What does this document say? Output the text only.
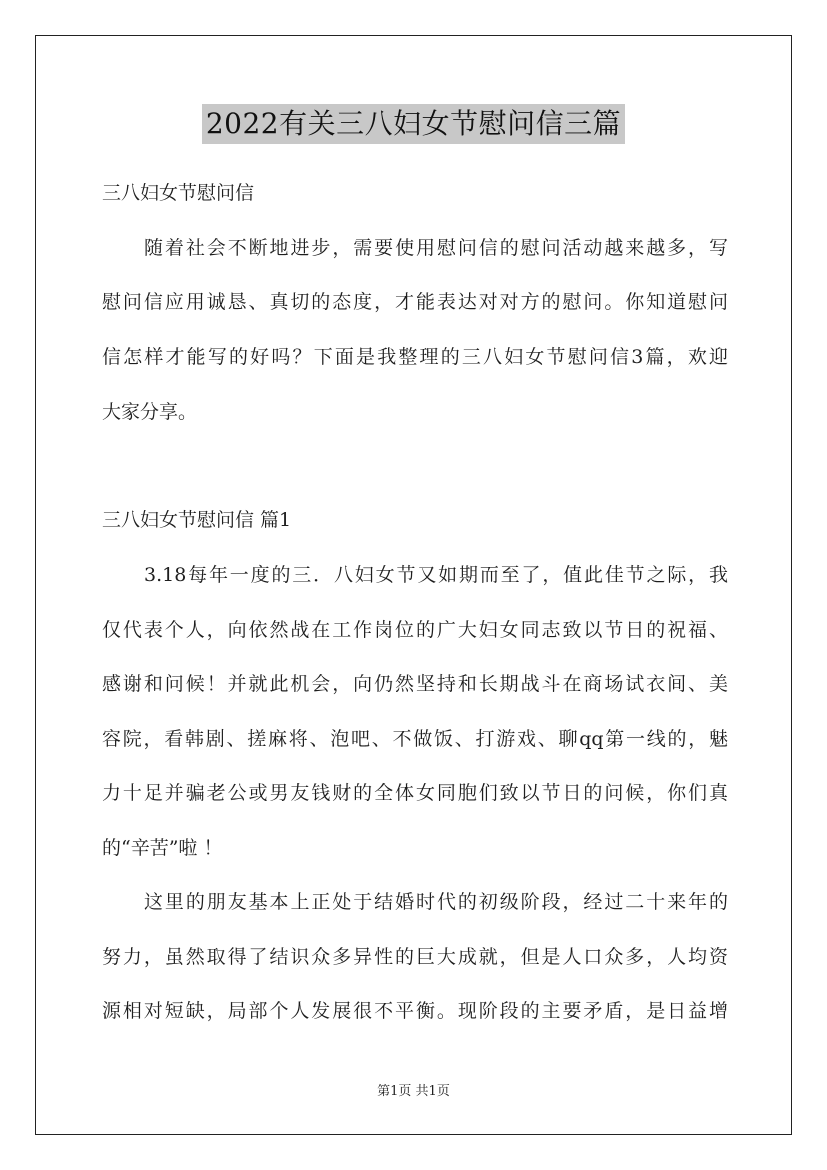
2022有关三八妇女节慰问信三篇
三八妇女节慰问信
随着社会不断地进步，需要使用慰问信的慰问活动越来越多，写
慰问信应用诚恳、真切的态度，才能表达对对方的慰问。你知道慰问
信怎样才能写的好吗？下面是我整理的三八妇女节慰问信3篇，欢迎
大家分享。
三八妇女节慰问信 篇1
3.18每年一度的三．八妇女节又如期而至了，值此佳节之际，我
仅代表个人，向依然战在工作岗位的广大妇女同志致以节日的祝福、
感谢和问候！并就此机会，向仍然坚持和长期战斗在商场试衣间、美
容院，看韩剧、搓麻将、泡吧、不做饭、打游戏、聊qq第一线的，魅
力十足并骗老公或男友钱财的全体女同胞们致以节日的问候，你们真
的“辛苦”啦 ！
这里的朋友基本上正处于结婚时代的初级阶段，经过二十来年的
努力，虽然取得了结识众多异性的巨大成就，但是人口众多，人均资
源相对短缺，局部个人发展很不平衡。现阶段的主要矛盾，是日益增
第1页 共1页
